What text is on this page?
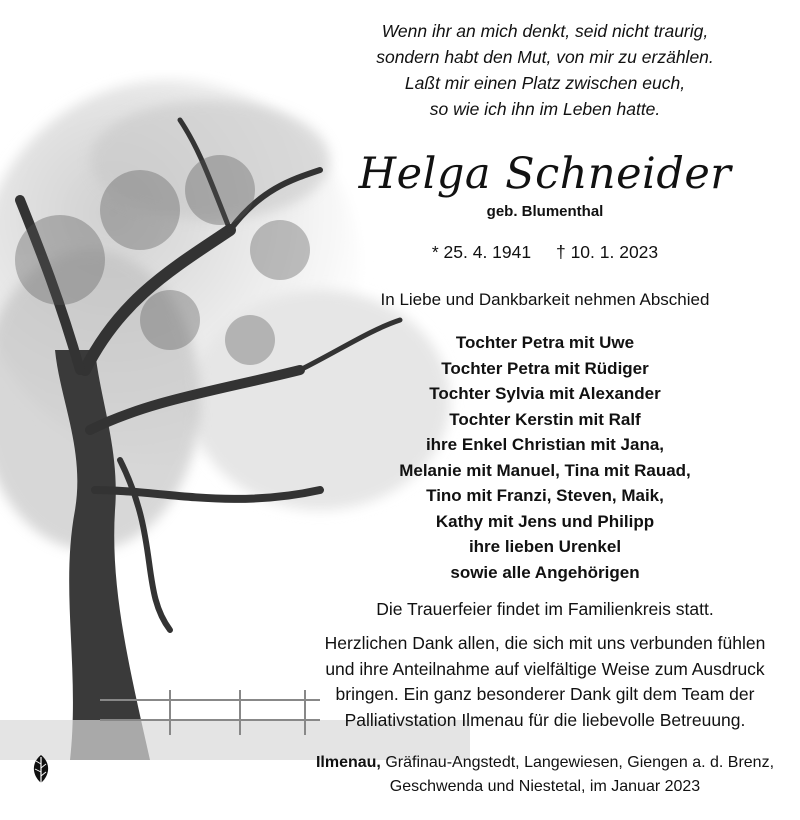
Wenn ihr an mich denkt, seid nicht traurig,
sondern habt den Mut, von mir zu erzählen.
Laßt mir einen Platz zwischen euch,
so wie ich ihn im Leben hatte.
Helga Schneider
geb. Blumenthal
* 25. 4. 1941 † 10. 1. 2023
In Liebe und Dankbarkeit nehmen Abschied
Tochter Petra mit Uwe
Tochter Petra mit Rüdiger
Tochter Sylvia mit Alexander
Tochter Kerstin mit Ralf
ihre Enkel Christian mit Jana,
Melanie mit Manuel, Tina mit Rauad,
Tino mit Franzi, Steven, Maik,
Kathy mit Jens und Philipp
ihre lieben Urenkel
sowie alle Angehörigen
Die Trauerfeier findet im Familienkreis statt.
Herzlichen Dank allen, die sich mit uns verbunden fühlen
und ihre Anteilnahme auf vielfältige Weise zum Ausdruck
bringen. Ein ganz besonderer Dank gilt dem Team der
Palliativstation Ilmenau für die liebevolle Betreuung.
Ilmenau, Gräfinau-Angstedt, Langewiesen, Giengen a. d. Brenz,
Geschwenda und Niestetal, im Januar 2023
